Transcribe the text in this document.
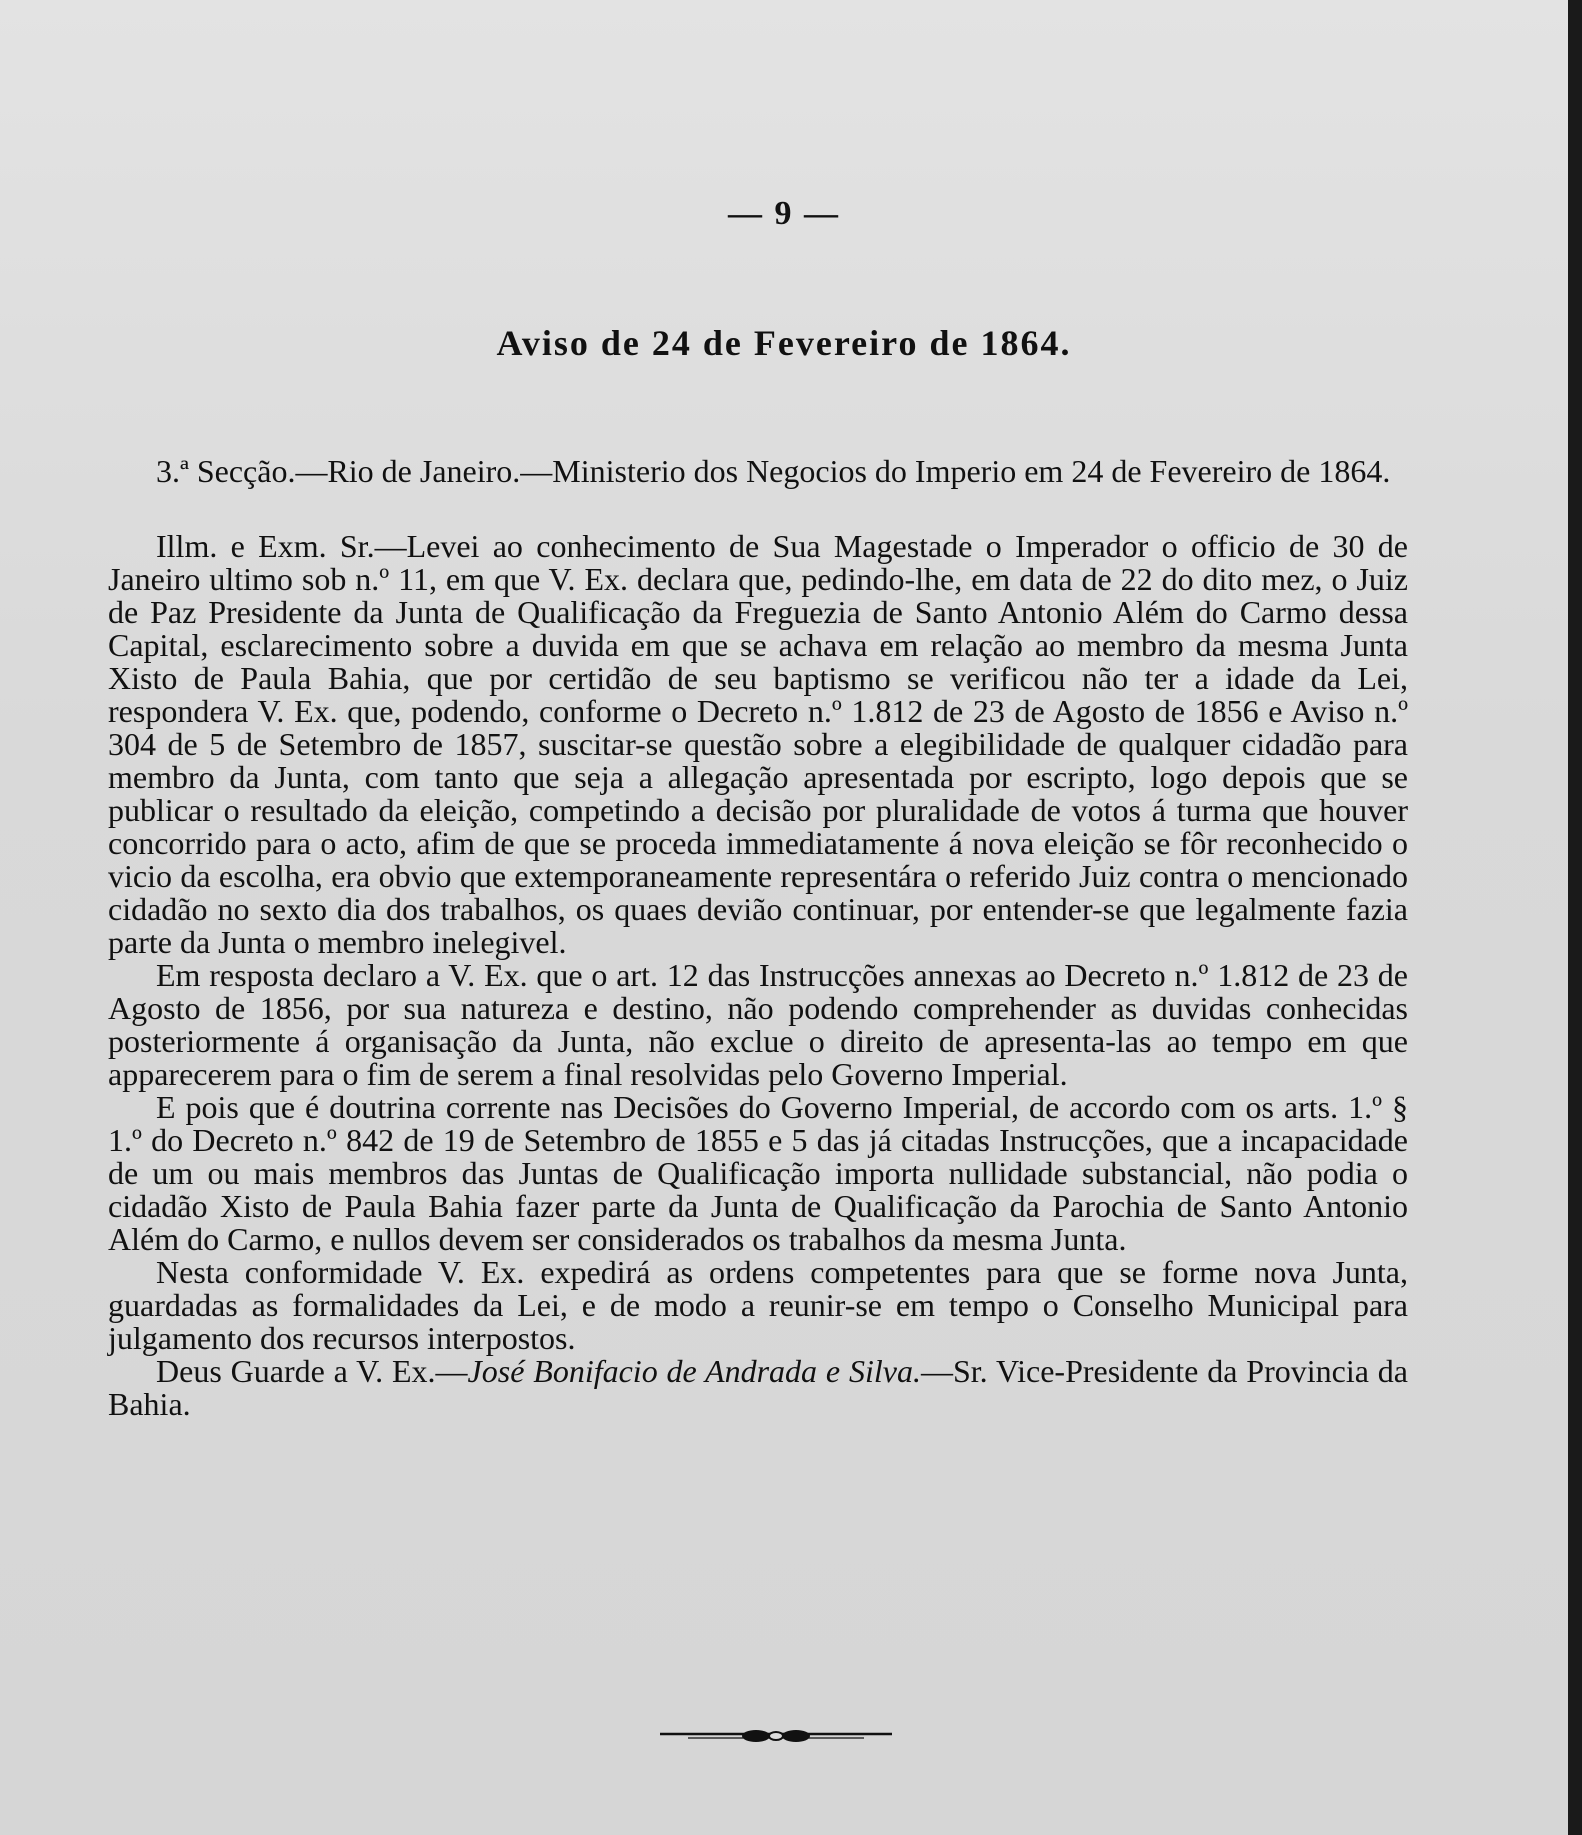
— 9 —
Aviso de 24 de Fevereiro de 1864.

3.ª Secção.—Rio de Janeiro.—Ministerio dos Negocios do Imperio em 24 de Fevereiro de 1864.

Illm. e Exm. Sr.—Levei ao conhecimento de Sua Magestade o Imperador o officio de 30 de Janeiro ultimo sob n.º 11, em que V. Ex. declara que, pedindo-lhe, em data de 22 do dito mez, o Juiz de Paz Presidente da Junta de Qualificação da Freguezia de Santo Antonio Além do Carmo dessa Capital, esclarecimento sobre a duvida em que se achava em relação ao membro da mesma Junta Xisto de Paula Bahia, que por certidão de seu baptismo se verificou não ter a idade da Lei, respondera V. Ex. que, podendo, conforme o Decreto n.º 1.812 de 23 de Agosto de 1856 e Aviso n.º 304 de 5 de Setembro de 1857, suscitar-se questão sobre a elegibilidade de qualquer cidadão para membro da Junta, com tanto que seja a allegação apresentada por escripto, logo depois que se publicar o resultado da eleição, competindo a decisão por pluralidade de votos á turma que houver concorrido para o acto, afim de que se proceda immediatamente á nova eleição se fôr reconhecido o vicio da escolha, era obvio que extemporaneamente representára o referido Juiz contra o mencionado cidadão no sexto dia dos trabalhos, os quaes devião continuar, por entender-se que legalmente fazia parte da Junta o membro inelegivel.

Em resposta declaro a V. Ex. que o art. 12 das Instrucções annexas ao Decreto n.º 1.812 de 23 de Agosto de 1856, por sua natureza e destino, não podendo comprehender as duvidas conhecidas posteriormente á organisação da Junta, não exclue o direito de apresenta-las ao tempo em que apparecerem para o fim de serem a final resolvidas pelo Governo Imperial.

E pois que é doutrina corrente nas Decisões do Governo Imperial, de accordo com os arts. 1.º § 1.º do Decreto n.º 842 de 19 de Setembro de 1855 e 5 das já citadas Instrucções, que a incapacidade de um ou mais membros das Juntas de Qualificação importa nullidade substancial, não podia o cidadão Xisto de Paula Bahia fazer parte da Junta de Qualificação da Parochia de Santo Antonio Além do Carmo, e nullos devem ser considerados os trabalhos da mesma Junta.

Nesta conformidade V. Ex. expedirá as ordens competentes para que se forme nova Junta, guardadas as formalidades da Lei, e de modo a reunir-se em tempo o Conselho Municipal para julgamento dos recursos interpostos.

Deus Guarde a V. Ex.—José Bonifacio de Andrada e Silva.—Sr. Vice-Presidente da Provincia da Bahia.
